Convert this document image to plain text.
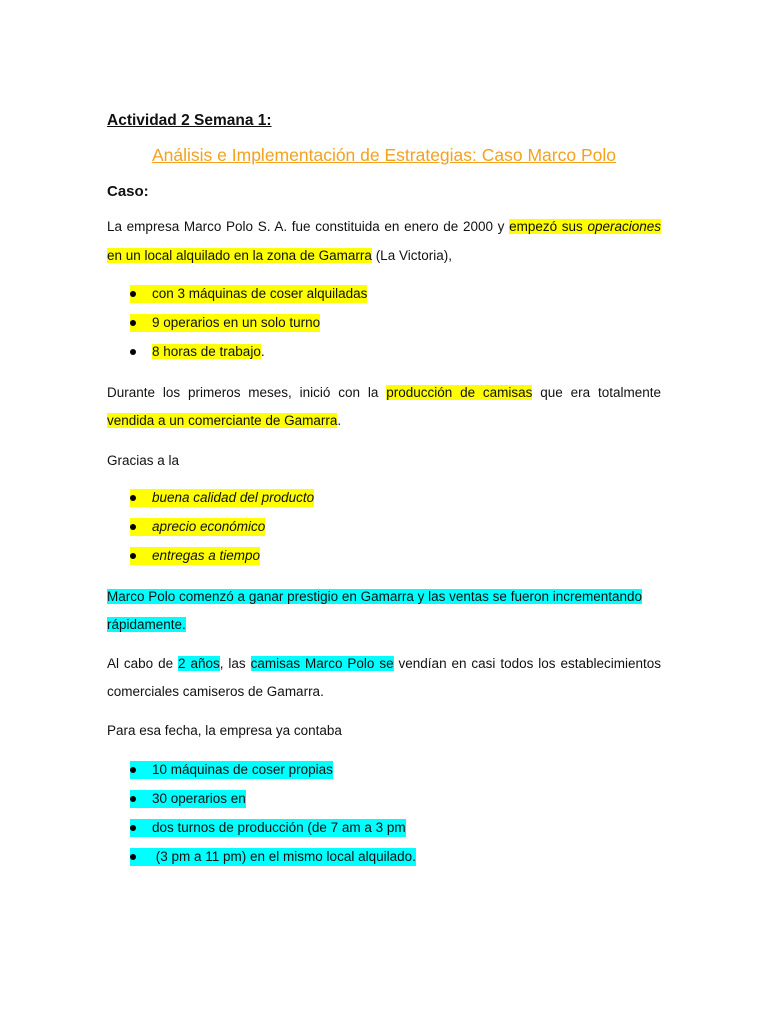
Actividad 2 Semana 1:
Análisis e Implementación de Estrategias: Caso Marco Polo
Caso:
La empresa Marco Polo S. A. fue constituida en enero de 2000 y empezó sus operaciones
en un local alquilado en la zona de Gamarra (La Victoria),
con 3 máquinas de coser alquiladas
9 operarios en un solo turno
8 horas de trabajo.
Durante los primeros meses, inició con la producción de camisas que era totalmente
vendida a un comerciante de Gamarra.
Gracias a la
buena calidad del producto
aprecio económico
entregas a tiempo
Marco Polo comenzó a ganar prestigio en Gamarra y las ventas se fueron incrementando
rápidamente.
Al cabo de 2 años, las camisas Marco Polo se vendían en casi todos los establecimientos
comerciales camiseros de Gamarra.
Para esa fecha, la empresa ya contaba
10 máquinas de coser propias
30 operarios en
dos turnos de producción (de 7 am a 3 pm
(3 pm a 11 pm) en el mismo local alquilado.
